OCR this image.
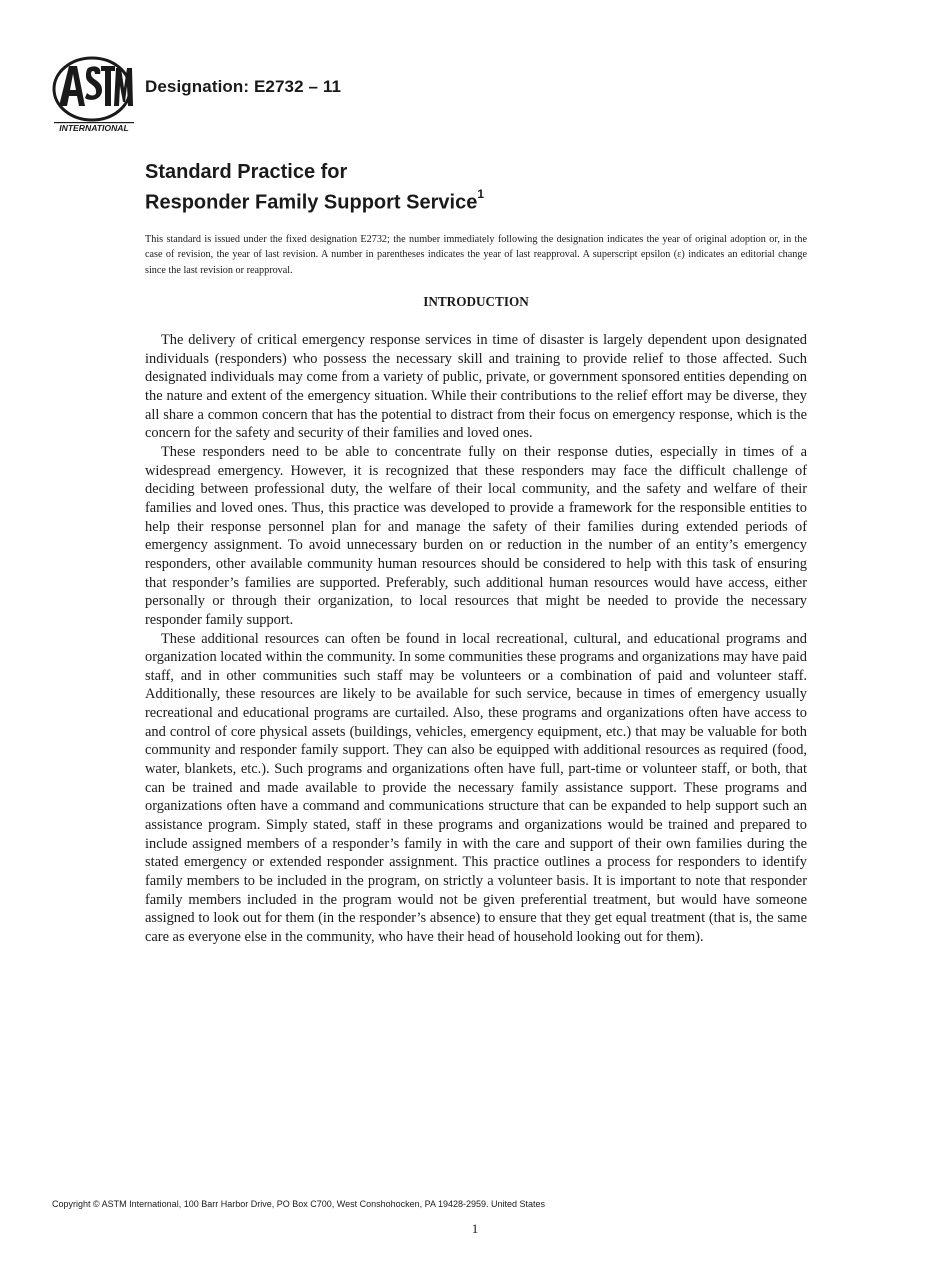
INTERNATIONAL
Designation: E2732 – 11
Standard Practice for
Responder Family Support Service$^1$

This standard is issued under the fixed designation E2732; the number immediately following the designation indicates the year of original adoption or, in the case of revision, the year of last revision. A number in parentheses indicates the year of last reapproval. A superscript epsilon (ε) indicates an editorial change since the last revision or reapproval.

INTRODUCTION

The delivery of critical emergency response services in time of disaster is largely dependent upon designated individuals (responders) who possess the necessary skill and training to provide relief to those affected. Such designated individuals may come from a variety of public, private, or government sponsored entities depending on the nature and extent of the emergency situation. While their contributions to the relief effort may be diverse, they all share a common concern that has the potential to distract from their focus on emergency response, which is the concern for the safety and security of their families and loved ones.

These responders need to be able to concentrate fully on their response duties, especially in times of a widespread emergency. However, it is recognized that these responders may face the difficult challenge of deciding between professional duty, the welfare of their local community, and the safety and welfare of their families and loved ones. Thus, this practice was developed to provide a framework for the responsible entities to help their response personnel plan for and manage the safety of their families during extended periods of emergency assignment. To avoid unnecessary burden on or reduction in the number of an entity’s emergency responders, other available community human resources should be considered to help with this task of ensuring that responder’s families are supported. Preferably, such additional human resources would have access, either personally or through their organization, to local resources that might be needed to provide the necessary responder family support.

These additional resources can often be found in local recreational, cultural, and educational programs and organization located within the community. In some communities these programs and organizations may have paid staff, and in other communities such staff may be volunteers or a combination of paid and volunteer staff. Additionally, these resources are likely to be available for such service, because in times of emergency usually recreational and educational programs are curtailed. Also, these programs and organizations often have access to and control of core physical assets (buildings, vehicles, emergency equipment, etc.) that may be valuable for both community and responder family support. They can also be equipped with additional resources as required (food, water, blankets, etc.). Such programs and organizations often have full, part-time or volunteer staff, or both, that can be trained and made available to provide the necessary family assistance support. These programs and organizations often have a command and communications structure that can be expanded to help support such an assistance program. Simply stated, staff in these programs and organizations would be trained and prepared to include assigned members of a responder’s family in with the care and support of their own families during the stated emergency or extended responder assignment. This practice outlines a process for responders to identify family members to be included in the program, on strictly a volunteer basis. It is important to note that responder family members included in the program would not be given preferential treatment, but would have someone assigned to look out for them (in the responder’s absence) to ensure that they get equal treatment (that is, the same care as everyone else in the community, who have their head of household looking out for them).

Copyright © ASTM International, 100 Barr Harbor Drive, PO Box C700, West Conshohocken, PA 19428-2959. United States

1
